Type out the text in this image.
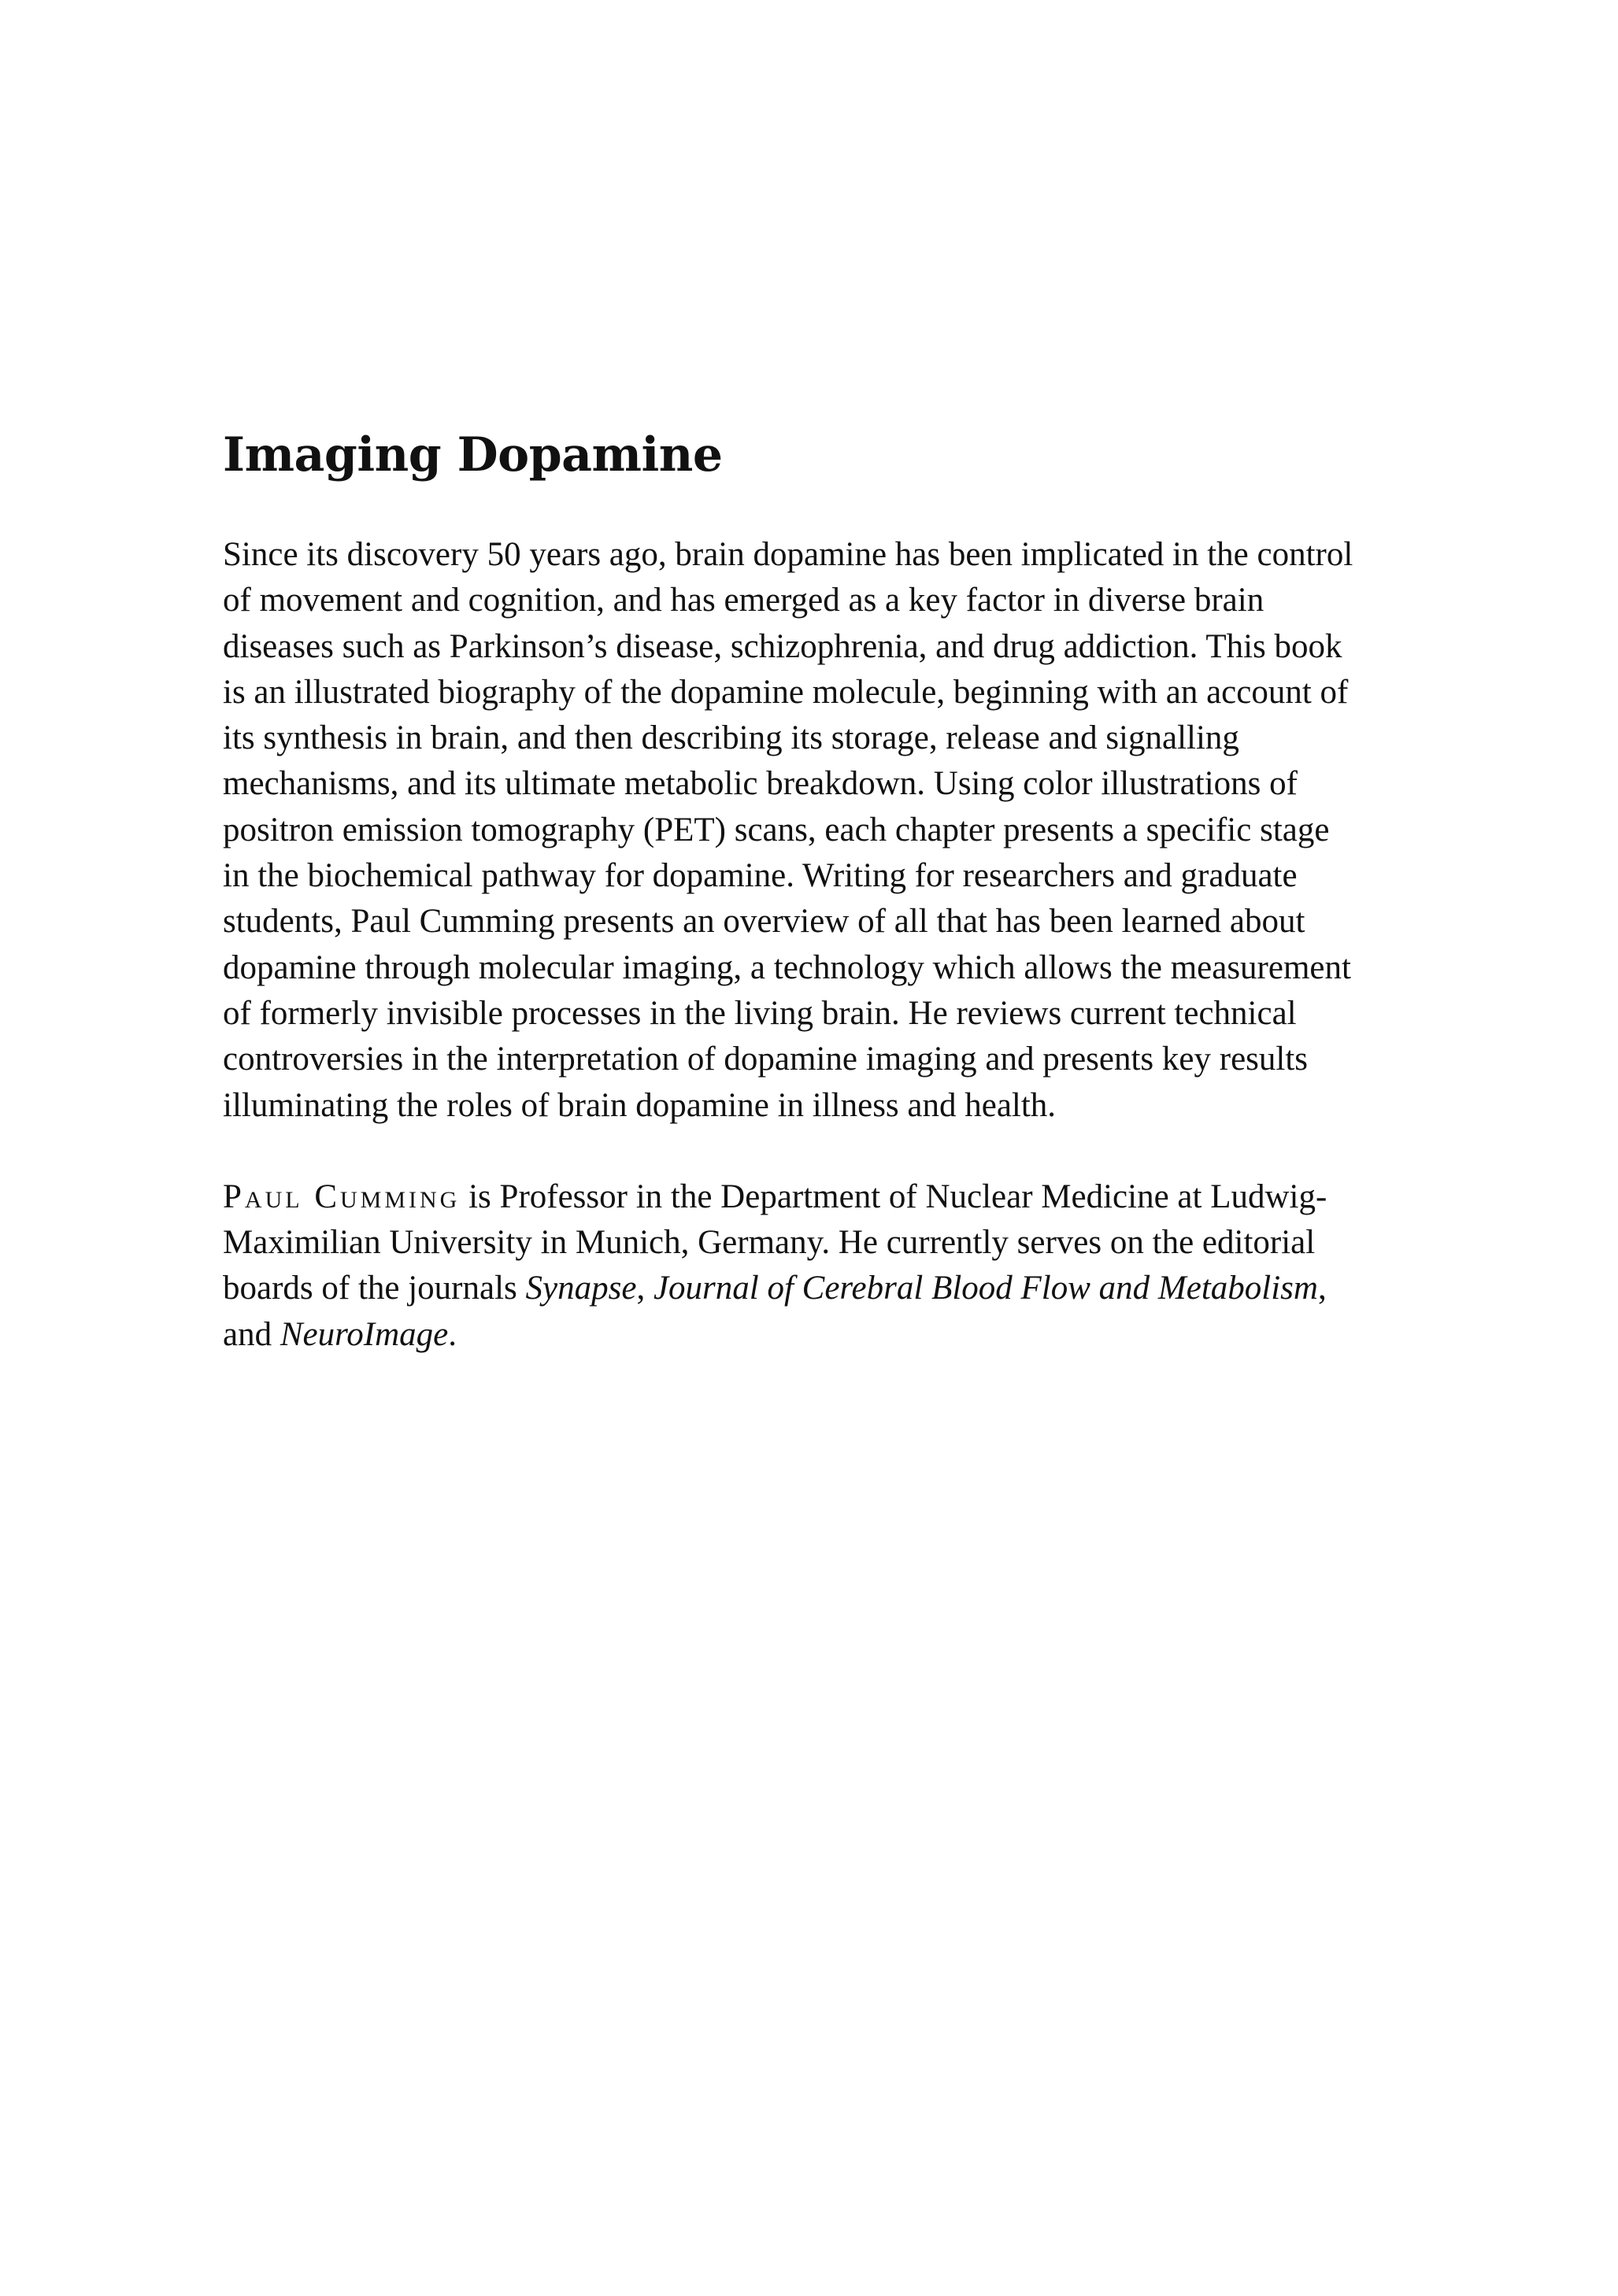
Imaging Dopamine

Since its discovery 50 years ago, brain dopamine has been implicated in the control of movement and cognition, and has emerged as a key factor in diverse brain diseases such as Parkinson’s disease, schizophrenia, and drug addiction. This book is an illustrated biography of the dopamine molecule, beginning with an account of its synthesis in brain, and then describing its storage, release and signalling mechanisms, and its ultimate metabolic breakdown. Using color illustrations of positron emission tomography (PET) scans, each chapter presents a specific stage in the biochemical pathway for dopamine. Writing for researchers and graduate students, Paul Cumming presents an overview of all that has been learned about dopamine through molecular imaging, a technology which allows the measurement of formerly invisible processes in the living brain. He reviews current technical controversies in the interpretation of dopamine imaging and presents key results illuminating the roles of brain dopamine in illness and health.

Paul Cumming is Professor in the Department of Nuclear Medicine at Ludwig-Maximilian University in Munich, Germany. He currently serves on the editorial boards of the journals Synapse, Journal of Cerebral Blood Flow and Metabolism, and NeuroImage.
